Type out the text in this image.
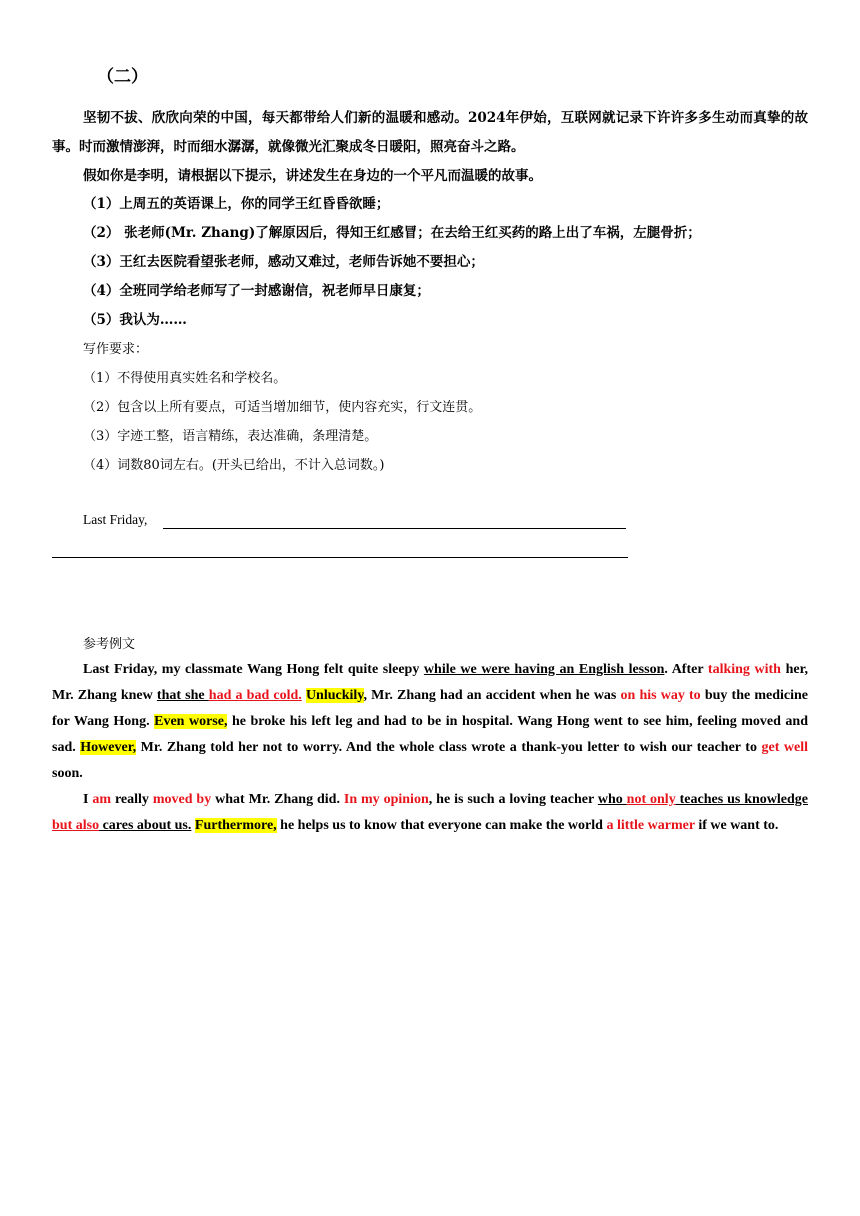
（二）

坚韧不拔、欣欣向荣的中国，每天都带给人们新的温暖和感动。2024年伊始，互联网就记录下许许多多生动而真挚的故事。时而激情澎湃，时而细水潺潺，就像微光汇聚成冬日暖阳，照亮奋斗之路。

假如你是李明，请根据以下提示，讲述发生在身边的一个平凡而温暖的故事。

（1）上周五的英语课上，你的同学王红昏昏欲睡；
（2） 张老师(Mr. Zhang)了解原因后，得知王红感冒；在去给王红买药的路上出了车祸，左腿骨折；
（3）王红去医院看望张老师，感动又难过，老师告诉她不要担心；
（4）全班同学给老师写了一封感谢信，祝老师早日康复；
（5）我认为……
写作要求：
（1）不得使用真实姓名和学校名。
（2）包含以上所有要点，可适当增加细节，使内容充实，行文连贯。
（3）字迹工整，语言精练，表达准确，条理清楚。
（4）词数80词左右。(开头已给出，不计入总词数。)
Last Friday,
参考例文

Last Friday, my classmate Wang Hong felt quite sleepy while we were having an English lesson. After talking with her, Mr. Zhang knew that she had a bad cold. Unluckily, Mr. Zhang had an accident when he was on his way to buy the medicine for Wang Hong. Even worse, he broke his left leg and had to be in hospital. Wang Hong went to see him, feeling moved and sad. However, Mr. Zhang told her not to worry. And the whole class wrote a thank-you letter to wish our teacher to get well soon.

I am really moved by what Mr. Zhang did. In my opinion, he is such a loving teacher who not only teaches us knowledge but also cares about us. Furthermore, he helps us to know that everyone can make the world a little warmer if we want to.
